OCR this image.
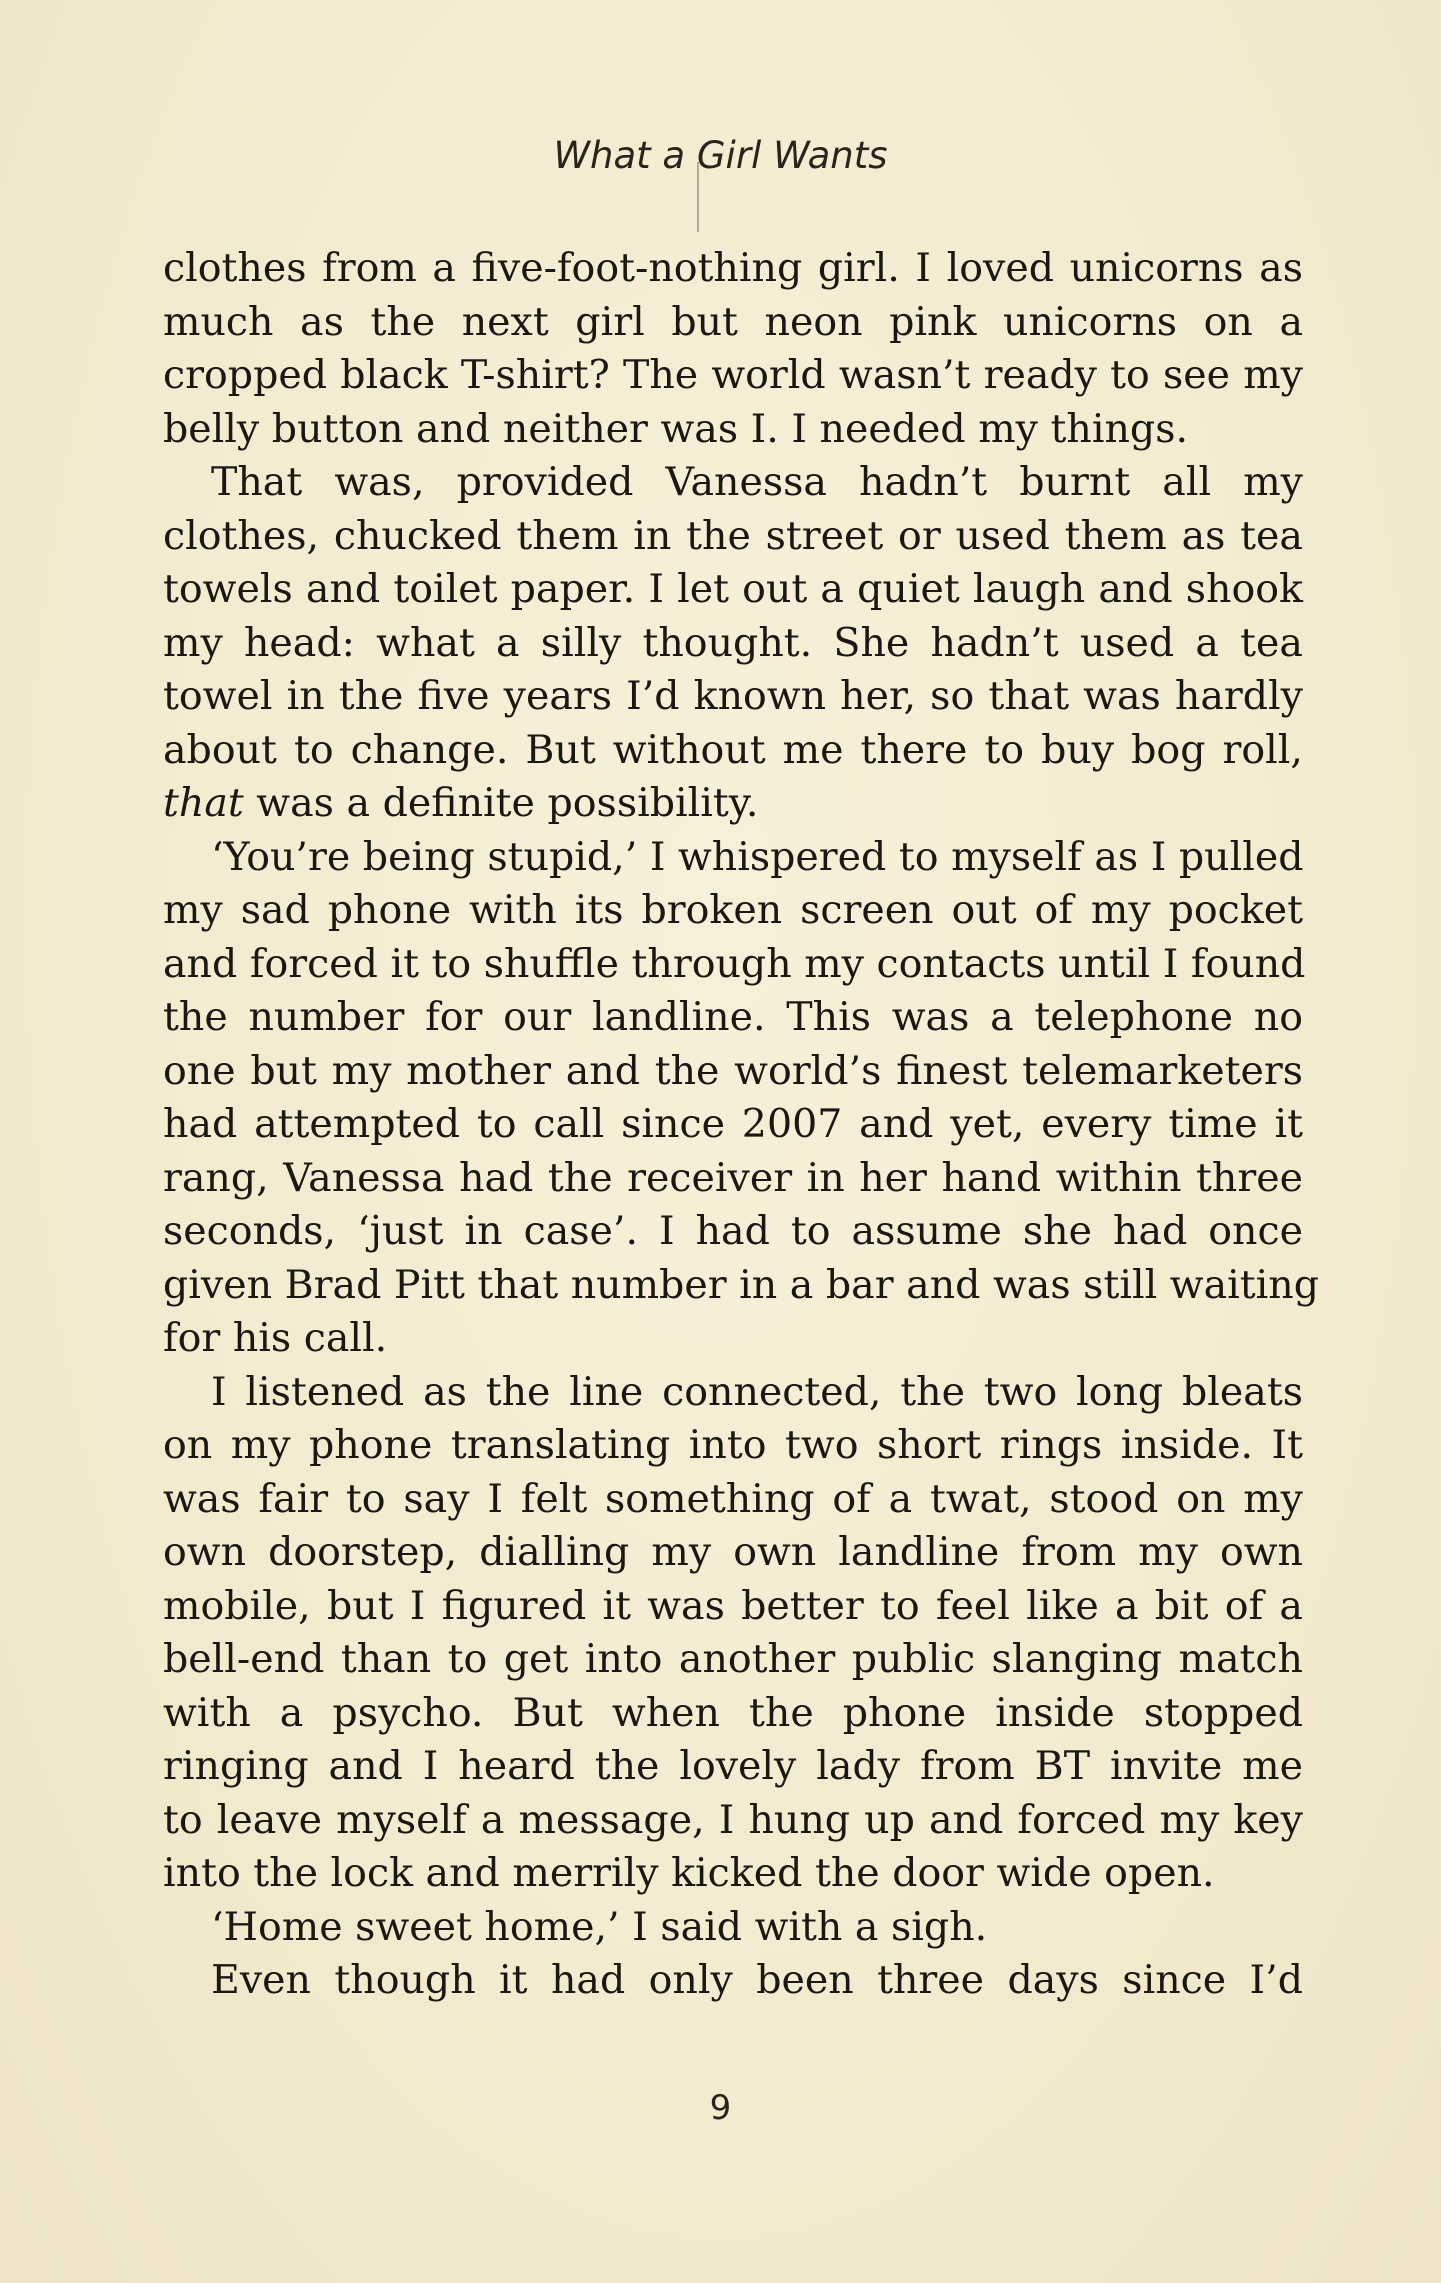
What a Girl Wants
clothes from a five-foot-nothing girl. I loved unicorns as
much as the next girl but neon pink unicorns on a
cropped black T-shirt? The world wasn’t ready to see my
belly button and neither was I. I needed my things.
That was, provided Vanessa hadn’t burnt all my
clothes, chucked them in the street or used them as tea
towels and toilet paper. I let out a quiet laugh and shook
my head: what a silly thought. She hadn’t used a tea
towel in the five years I’d known her, so that was hardly
about to change. But without me there to buy bog roll,
that was a definite possibility.
‘You’re being stupid,’ I whispered to myself as I pulled
my sad phone with its broken screen out of my pocket
and forced it to shuffle through my contacts until I found
the number for our landline. This was a telephone no
one but my mother and the world’s finest telemarketers
had attempted to call since 2007 and yet, every time it
rang, Vanessa had the receiver in her hand within three
seconds, ‘just in case’. I had to assume she had once
given Brad Pitt that number in a bar and was still waiting
for his call.
I listened as the line connected, the two long bleats
on my phone translating into two short rings inside. It
was fair to say I felt something of a twat, stood on my
own doorstep, dialling my own landline from my own
mobile, but I figured it was better to feel like a bit of a
bell-end than to get into another public slanging match
with a psycho. But when the phone inside stopped
ringing and I heard the lovely lady from BT invite me
to leave myself a message, I hung up and forced my key
into the lock and merrily kicked the door wide open.
‘Home sweet home,’ I said with a sigh.
Even though it had only been three days since I’d
9
